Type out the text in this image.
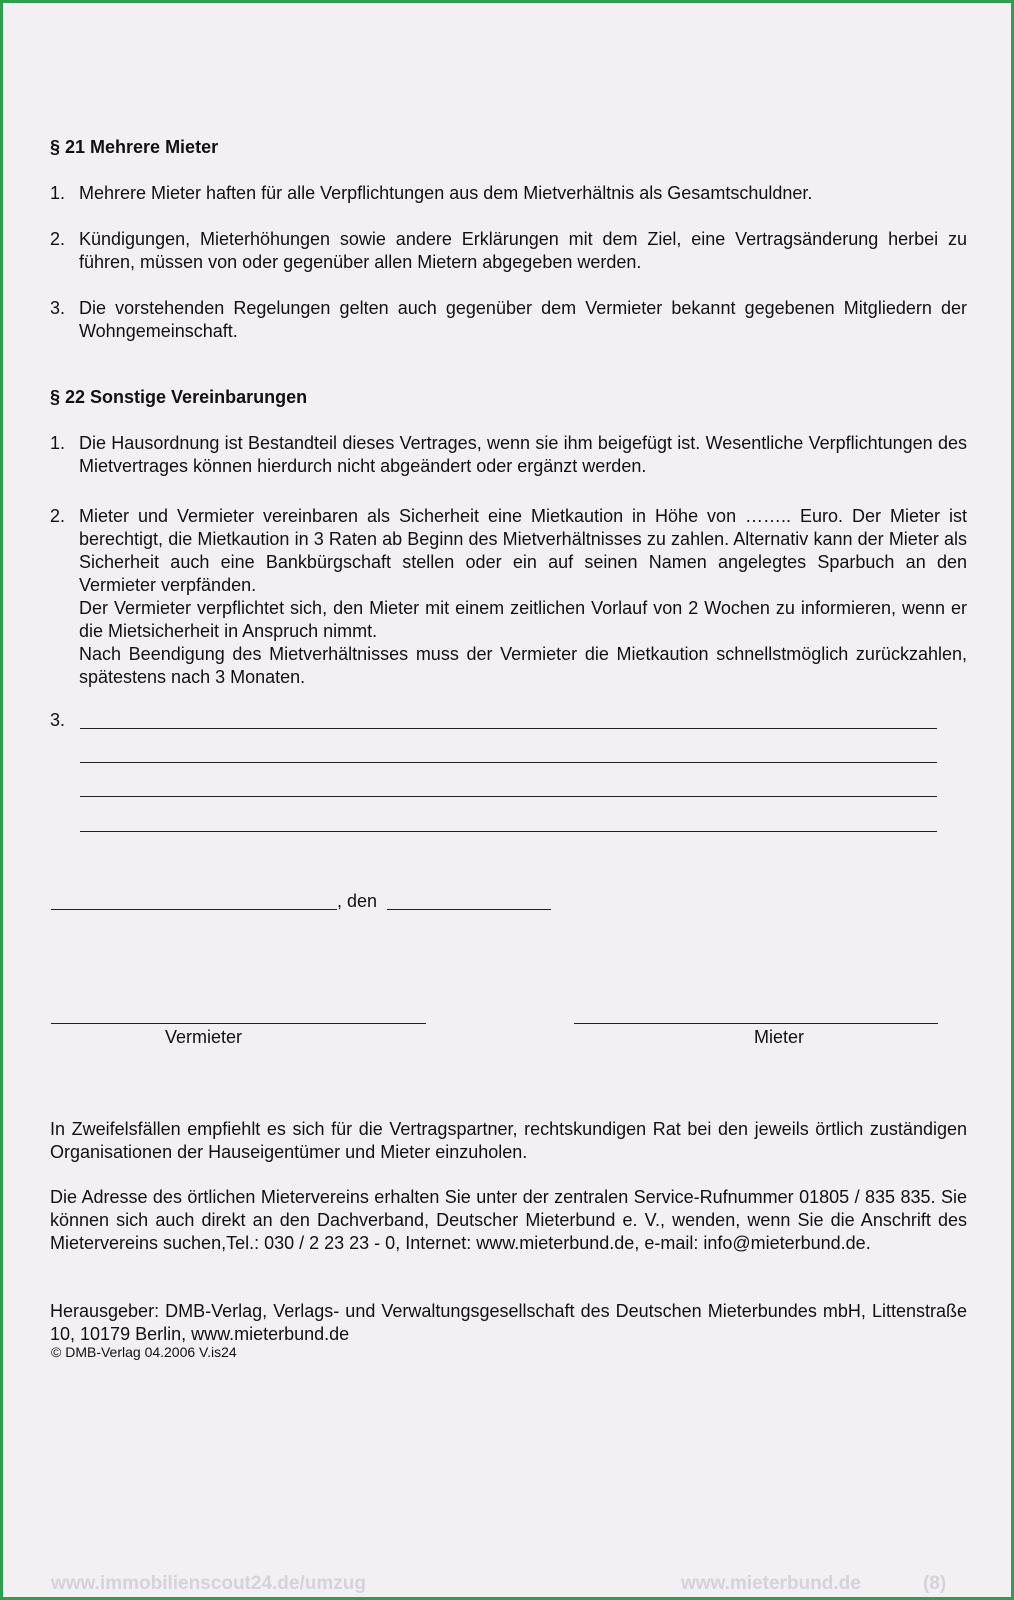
§ 21 Mehrere Mieter
1. Mehrere Mieter haften für alle Verpflichtungen aus dem Mietverhältnis als Gesamtschuldner.

2. Kündigungen, Mieterhöhungen sowie andere Erklärungen mit dem Ziel, eine Vertragsänderung herbei zu führen, müssen von oder gegenüber allen Mietern abgegeben werden.

3. Die vorstehenden Regelungen gelten auch gegenüber dem Vermieter bekannt gegebenen Mitgliedern der Wohngemeinschaft.

§ 22 Sonstige Vereinbarungen
1. Die Hausordnung ist Bestandteil dieses Vertrages, wenn sie ihm beigefügt ist. Wesentliche Verpflichtungen des Mietvertrages können hierdurch nicht abgeändert oder ergänzt werden.

2. Mieter und Vermieter vereinbaren als Sicherheit eine Mietkaution in Höhe von …….. Euro. Der Mieter ist berechtigt, die Mietkaution in 3 Raten ab Beginn des Mietverhältnisses zu zahlen. Alternativ kann der Mieter als Sicherheit auch eine Bankbürgschaft stellen oder ein auf seinen Namen angelegtes Sparbuch an den Vermieter verpfänden.

Der Vermieter verpflichtet sich, den Mieter mit einem zeitlichen Vorlauf von 2 Wochen zu informieren, wenn er die Mietsicherheit in Anspruch nimmt.

Nach Beendigung des Mietverhältnisses muss der Vermieter die Mietkaution schnellstmöglich zurückzahlen, spätestens nach 3 Monaten.

3.
, den
Vermieter	Mieter
In Zweifelsfällen empfiehlt es sich für die Vertragspartner, rechtskundigen Rat bei den jeweils örtlich zuständigen Organisationen der Hauseigentümer und Mieter einzuholen.
Die Adresse des örtlichen Mietervereins erhalten Sie unter der zentralen Service-Rufnummer 01805 / 835 835. Sie können sich auch direkt an den Dachverband, Deutscher Mieterbund e. V., wenden, wenn Sie die Anschrift des Mietervereins suchen,Tel.: 030 / 2 23 23 - 0, Internet: www.mieterbund.de, e-mail: info@mieterbund.de.
Herausgeber: DMB-Verlag, Verlags- und Verwaltungsgesellschaft des Deutschen Mieterbundes mbH, Littenstraße 10, 10179 Berlin, www.mieterbund.de
© DMB-Verlag 04.2006 V.is24
www.immobilienscout24.de/umzug	www.mieterbund.de	(8)
